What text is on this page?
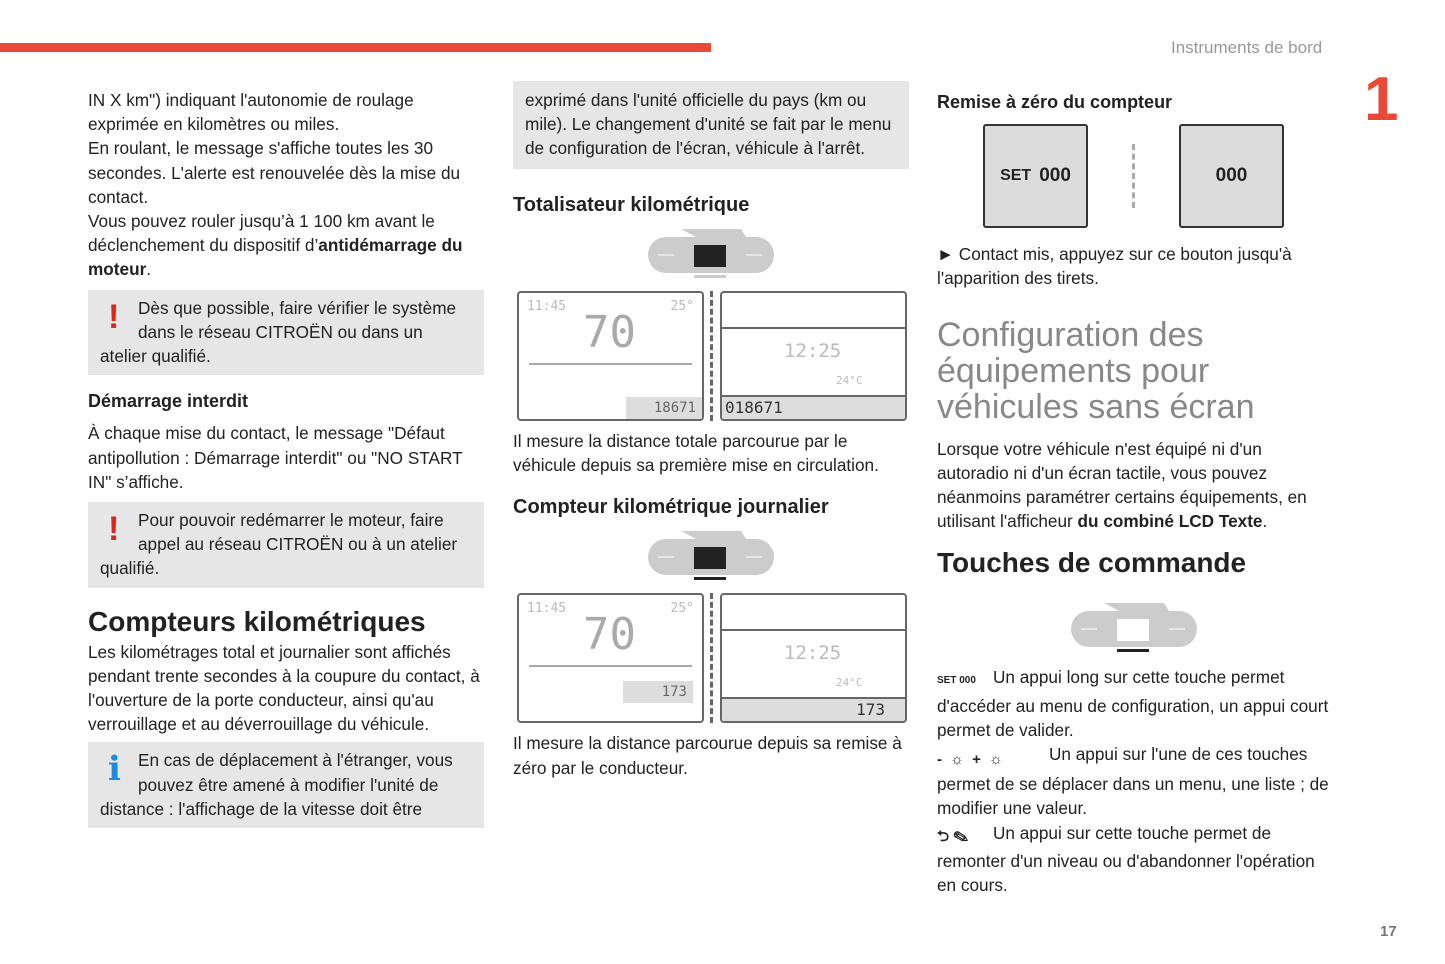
Instruments de bord
1
17

IN X km") indiquant l'autonomie de roulage exprimée en kilomètres ou miles.

En roulant, le message s'affiche toutes les 30 secondes. L'alerte est renouvelée dès la mise du contact.

Vous pouvez rouler jusqu’à 1 100 km avant le déclenchement du dispositif d’antidémarrage du moteur.

!	Dès que possible, faire vérifier le système dans le réseau CITROËN ou dans un atelier qualifié.

Démarrage interdit

À chaque mise du contact, le message "Défaut antipollution : Démarrage interdit" ou "NO START IN" s’affiche.

!	Pour pouvoir redémarrer le moteur, faire appel au réseau CITROËN ou à un atelier qualifié.

Compteurs kilométriques

Les kilométrages total et journalier sont affichés pendant trente secondes à la coupure du contact, à l'ouverture de la porte conducteur, ainsi qu'au verrouillage et au déverrouillage du véhicule.

i En cas de déplacement à l'étranger, vous pouvez être amené à modifier l'unité de distance : l'affichage de la vitesse doit être

exprimé dans l'unité officielle du pays (km ou mile). Le changement d'unité se fait par le menu de configuration de l'écran, véhicule à l'arrêt.

Totalisateur kilométrique
11:45	25°
70
18671
12:25
24°C
018671

Il mesure la distance totale parcourue par le véhicule depuis sa première mise en circulation.

Compteur kilométrique journalier
11:45	25°
70
173
12:25
24°C
173

Il mesure la distance parcourue depuis sa remise à zéro par le conducteur.

Remise à zéro du compteur
SET 000	000

► Contact mis, appuyez sur ce bouton jusqu'à l'apparition des tirets.

Configuration des équipements pour véhicules sans écran

Lorsque votre véhicule n'est équipé ni d'un autoradio ni d'un écran tactile, vous pouvez néanmoins paramétrer certains équipements, en utilisant l'afficheur du combiné LCD Texte.

Touches de commande

SET 000 Un appui long sur cette touche permet d'accéder au menu de configuration, un appui court permet de valider.

- ☼ + ☼	Un appui sur l'une de ces touches permet de se déplacer dans un menu, une liste ; de modifier une valeur.

⮌ ✎ Un appui sur cette touche permet de remonter d'un niveau ou d'abandonner l'opération en cours.
